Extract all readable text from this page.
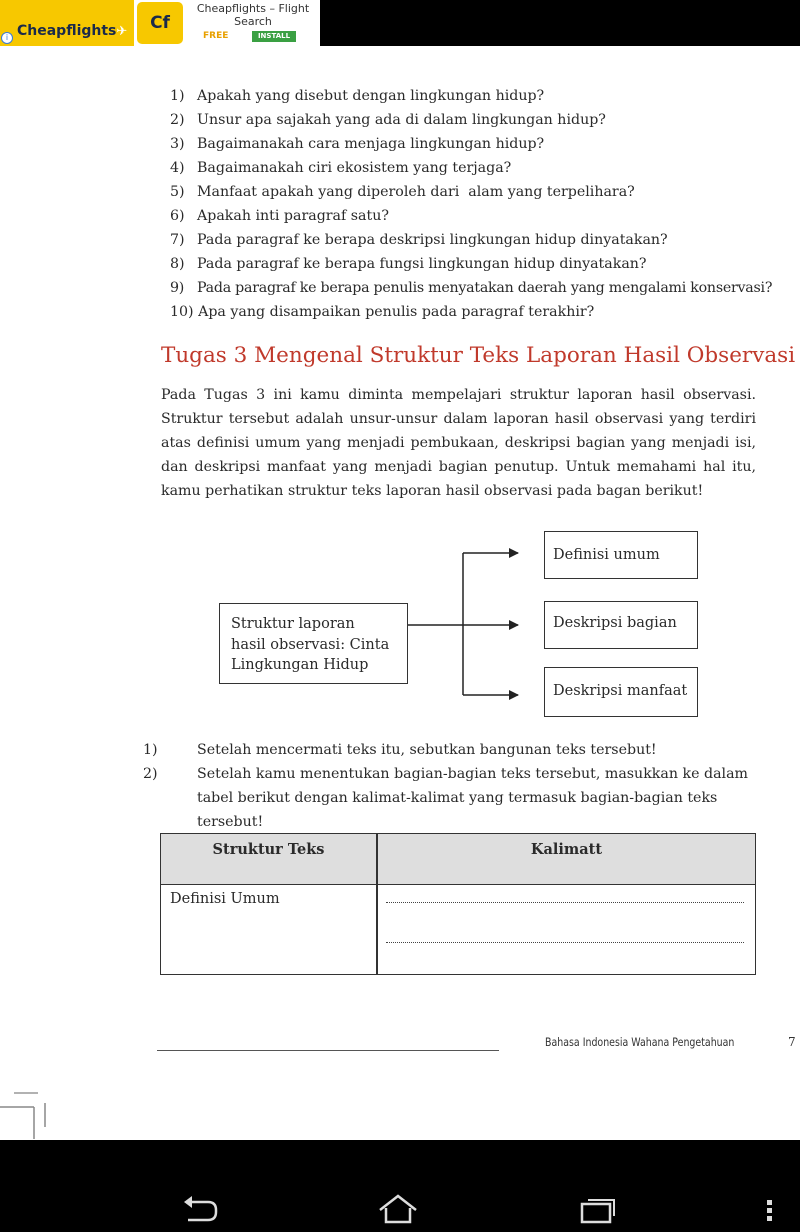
Cheapflights✈
i
Cf
Cheapflights – Flight Search
FREE	INSTALL
1) Apakah yang disebut dengan lingkungan hidup?
2) Unsur apa sajakah yang ada di dalam lingkungan hidup?
3) Bagaimanakah cara menjaga lingkungan hidup?
4) Bagaimanakah ciri ekosistem yang terjaga?
5) Manfaat apakah yang diperoleh dari  alam yang terpelihara?
6) Apakah inti paragraf satu?
7) Pada paragraf ke berapa deskripsi lingkungan hidup dinyatakan?
8) Pada paragraf ke berapa fungsi lingkungan hidup dinyatakan?
9) Pada paragraf ke berapa penulis menyatakan daerah yang mengalami konservasi?
10) Apa yang disampaikan penulis pada paragraf terakhir?
Tugas 3 Mengenal Struktur Teks Laporan Hasil Observasi

Pada Tugas 3 ini kamu diminta mempelajari struktur laporan hasil observasi. Struktur tersebut adalah unsur-unsur dalam laporan hasil observasi yang terdiri atas definisi umum yang menjadi pembukaan, deskripsi bagian yang menjadi isi, dan deskripsi manfaat yang menjadi bagian penutup. Untuk memahami hal itu, kamu perhatikan struktur teks laporan hasil observasi pada bagan berikut!

Struktur laporan
hasil observasi: Cinta
Lingkungan Hidup
Definisi umum
Deskripsi bagian
Deskripsi manfaat
1)	Setelah mencermati teks itu, sebutkan bangunan teks tersebut!
2)	Setelah kamu menentukan bagian-bagian teks tersebut, masukkan ke dalam tabel berikut dengan kalimat-kalimat yang termasuk bagian-bagian teks tersebut!
Struktur Teks	Kalimatt
Definisi Umum
Bahasa Indonesia Wahana Pengetahuan	7
